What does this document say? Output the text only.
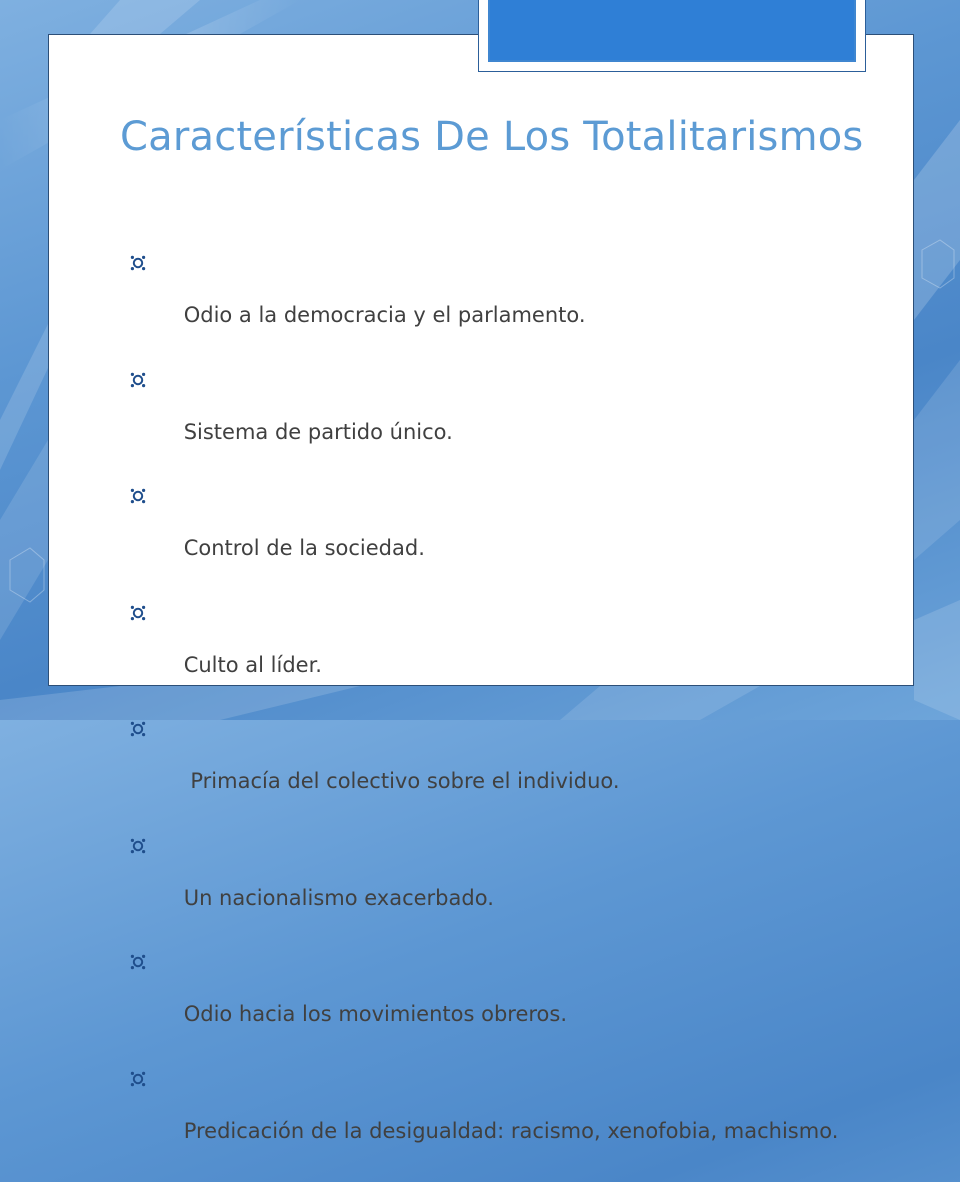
Características De Los Totalitarismos

Odio a la democracia y el parlamento.

Sistema de partido único.

Control de la sociedad.

Culto al líder.

Primacía del colectivo sobre el individuo.

Un nacionalismo exacerbado.

Odio hacia los movimientos obreros.

Predicación de la desigualdad: racismo, xenofobia, machismo.
